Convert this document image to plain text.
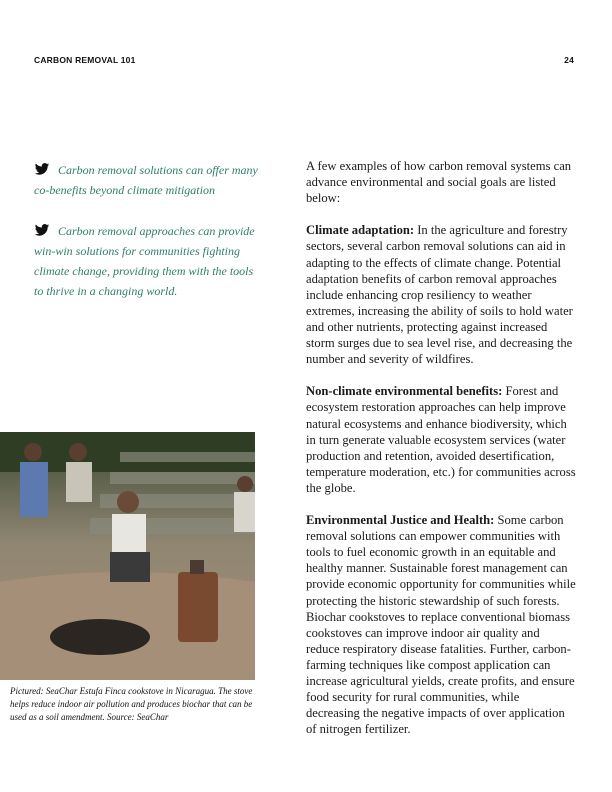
CARBON REMOVAL 101	24
Carbon removal solutions can offer many co-benefits beyond climate mitigation
Carbon removal approaches can provide win-win solutions for communities fighting climate change, providing them with the tools to thrive in a changing world.
Pictured: SeaChar Estufa Finca cookstove in Nicaragua. The stove helps reduce indoor air pollution and produces biochar that can be used as a soil amendment. Source: SeaChar

A few examples of how carbon removal systems can advance environmental and social goals are listed below:

Climate adaptation: In the agriculture and forestry sectors, several carbon removal solutions can aid in adapting to the effects of climate change. Potential adaptation benefits of carbon removal approaches include enhancing crop resiliency to weather extremes, increasing the ability of soils to hold water and other nutrients, protecting against increased storm surges due to sea level rise, and decreasing the number and severity of wildfires.

Non-climate environmental benefits: Forest and ecosystem restoration approaches can help improve natural ecosystems and enhance biodiversity, which in turn generate valuable ecosystem services (water production and retention, avoided desertification, temperature moderation, etc.) for communities across the globe.

Environmental Justice and Health: Some carbon removal solutions can empower communities with tools to fuel economic growth in an equitable and healthy manner. Sustainable forest management can provide economic opportunity for communities while protecting the historic stewardship of such forests. Biochar cookstoves to replace conventional biomass cookstoves can improve indoor air quality and reduce respiratory disease fatalities. Further, carbon-farming techniques like compost application can increase agricultural yields, create profits, and ensure food security for rural communities, while decreasing the negative impacts of over application of nitrogen fertilizer.
